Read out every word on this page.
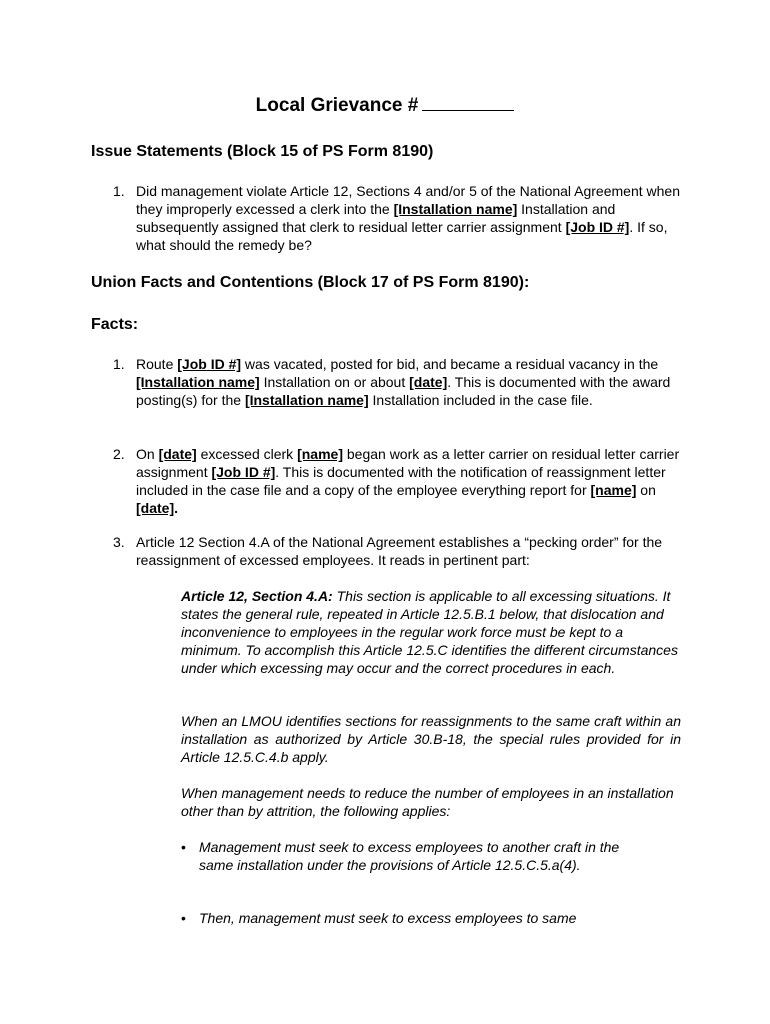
Local Grievance #
Issue Statements (Block 15 of PS Form 8190)
1. Did management violate Article 12, Sections 4 and/or 5 of the National Agreement when they improperly excessed a clerk into the [Installation name] Installation and subsequently assigned that clerk to residual letter carrier assignment [Job ID #]. If so, what should the remedy be?
Union Facts and Contentions (Block 17 of PS Form 8190):
Facts:
1. Route [Job ID #] was vacated, posted for bid, and became a residual vacancy in the [Installation name] Installation on or about [date]. This is documented with the award posting(s) for the [Installation name] Installation included in the case file.
2. On [date] excessed clerk [name] began work as a letter carrier on residual letter carrier assignment [Job ID #]. This is documented with the notification of reassignment letter included in the case file and a copy of the employee everything report for [name] on [date].
3. Article 12 Section 4.A of the National Agreement establishes a “pecking order” for the reassignment of excessed employees. It reads in pertinent part:
Article 12, Section 4.A: This section is applicable to all excessing situations. It states the general rule, repeated in Article 12.5.B.1 below, that dislocation and inconvenience to employees in the regular work force must be kept to a minimum. To accomplish this Article 12.5.C identifies the different circumstances under which excessing may occur and the correct procedures in each.
When an LMOU identifies sections for reassignments to the same craft within an installation as authorized by Article 30.B-18, the special rules provided for in Article 12.5.C.4.b apply.
When management needs to reduce the number of employees in an installation other than by attrition, the following applies:
• Management must seek to excess employees to another craft in the same installation under the provisions of Article 12.5.C.5.a(4).
• Then, management must seek to excess employees to same
